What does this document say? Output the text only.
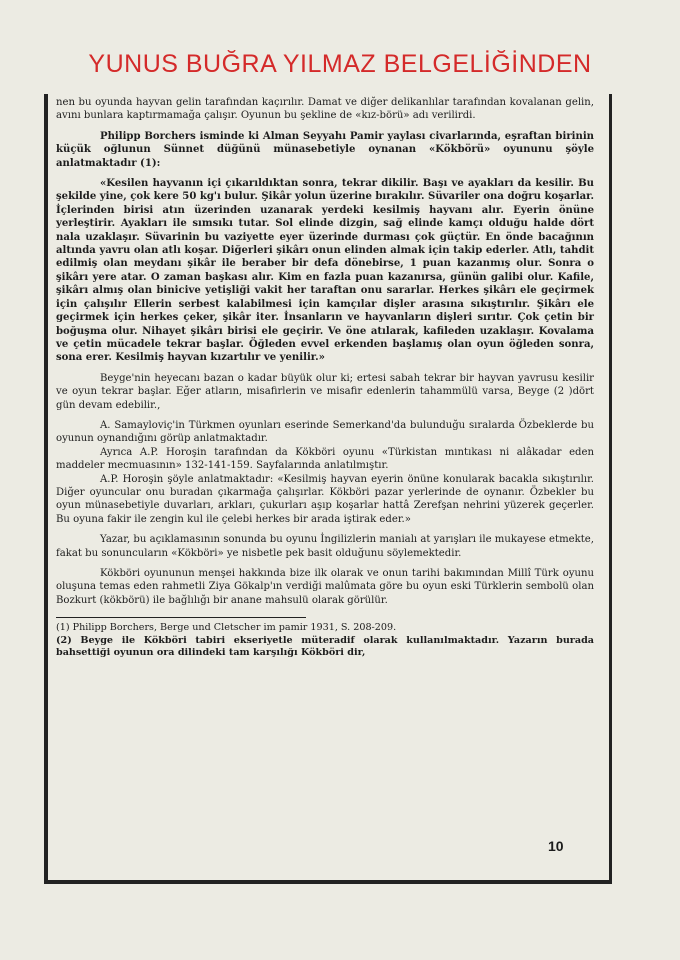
YUNUS BUĞRA YILMAZ BELGELİĞİNDEN

nen bu oyunda hayvan gelin tarafından kaçırılır. Damat ve diğer delikanlılar tarafından kovalanan gelin, avını bunlara kaptırmamağa çalışır. Oyunun bu şekline de «kız-börü» adı verilirdi.

Philipp Borchers isminde ki Alman Seyyahı Pamir yaylası civarlarında, eşraftan birinin küçük oğlunun Sünnet düğünü münasebetiyle oynanan «Kökbörü» oyununu şöyle anlatmaktadır (1):

«Kesilen hayvanın içi çıkarıldıktan sonra, tekrar dikilir. Başı ve ayakları da kesilir. Bu şekilde yine, çok kere 50 kg'ı bulur. Şikâr yolun üzerine bırakılır. Süvariler ona doğru koşarlar. İçlerinden birisi atın üzerinden uzanarak yerdeki kesilmiş hayvanı alır. Eyerin önüne yerleştirir. Ayakları ile sımsıkı tutar. Sol elinde dizgin, sağ elinde kamçı olduğu halde dört nala uzaklaşır. Süvarinin bu vaziyette eyer üzerinde durması çok güçtür. En önde bacağının altında yavru olan atlı koşar. Diğerleri şikârı onun elinden almak için takip ederler. Atlı, tahdit edilmiş olan meydanı şikâr ile beraber bir defa dönebirse, 1 puan kazanmış olur. Sonra o şikârı yere atar. O zaman başkası alır. Kim en fazla puan kazanırsa, günün galibi olur. Kafile, şikârı almış olan binicive yetişliği vakit her taraftan onu sararlar. Herkes şikârı ele geçirmek için çalışılır Ellerin serbest kalabilmesi için kamçılar dişler arasına sıkıştırılır. Şikârı ele geçirmek için herkes çeker, şikâr iter. İnsanların ve hayvanların dişleri sırıtır. Çok çetin bir boğuşma olur. Nihayet şikârı birisi ele geçirir. Ve öne atılarak, kafileden uzaklaşır. Kovalama ve çetin mücadele tekrar başlar. Öğleden evvel erkenden başlamış olan oyun öğleden sonra, sona erer. Kesilmiş hayvan kızartılır ve yenilir.»

Beyge'nin heyecanı bazan o kadar büyük olur ki; ertesi sabah tekrar bir hayvan yavrusu kesilir ve oyun tekrar başlar. Eğer atların, misafirlerin ve misafir edenlerin tahammülü varsa, Beyge (2 )dört gün devam edebilir.,

A. Samayloviç'in Türkmen oyunları eserinde Semerkand'da bulunduğu sıralarda Özbeklerde bu oyunun oynandığını görüp anlatmaktadır.

Ayrıca A.P. Horoşin tarafından da Kökböri oyunu «Türkistan mıntıkası ni alâkadar eden maddeler mecmuasının» 132-141-159. Sayfalarında anlatılmıştır.

A.P. Horoşin şöyle anlatmaktadır: «Kesilmiş hayvan eyerin önüne konularak bacakla sıkıştırılır. Diğer oyuncular onu buradan çıkarmağa çalışırlar. Kökböri pazar yerlerinde de oynanır. Özbekler bu oyun münasebetiyle duvarları, arkları, çukurları aşıp koşarlar hattâ Zerefşan nehrini yüzerek geçerler. Bu oyuna fakir ile zengin kul ile çelebi herkes bir arada iştirak eder.»

Yazar, bu açıklamasının sonunda bu oyunu İngilizlerin manialı at yarışları ile mukayese etmekte, fakat bu sonuncuların «Kökböri» ye nisbetle pek basit olduğunu söylemektedir.

Kökböri oyununun menşei hakkında bize ilk olarak ve onun tarihi bakımından Millî Türk oyunu oluşuna temas eden rahmetli Ziya Gökalp'ın verdiği malûmata göre bu oyun eski Türklerin sembolü olan Bozkurt (kökbörü) ile bağlılığı bir anane mahsulü olarak görülür.

(1) Philipp Borchers, Berge und Cletscher im pamir 1931, S. 208-209.
(2) Beyge ile Kökböri tabiri ekseriyetle müteradif olarak kullanılmaktadır. Yazarın burada bahsettiği oyunun ora dilindeki tam karşılığı Kökböri dir,
10
